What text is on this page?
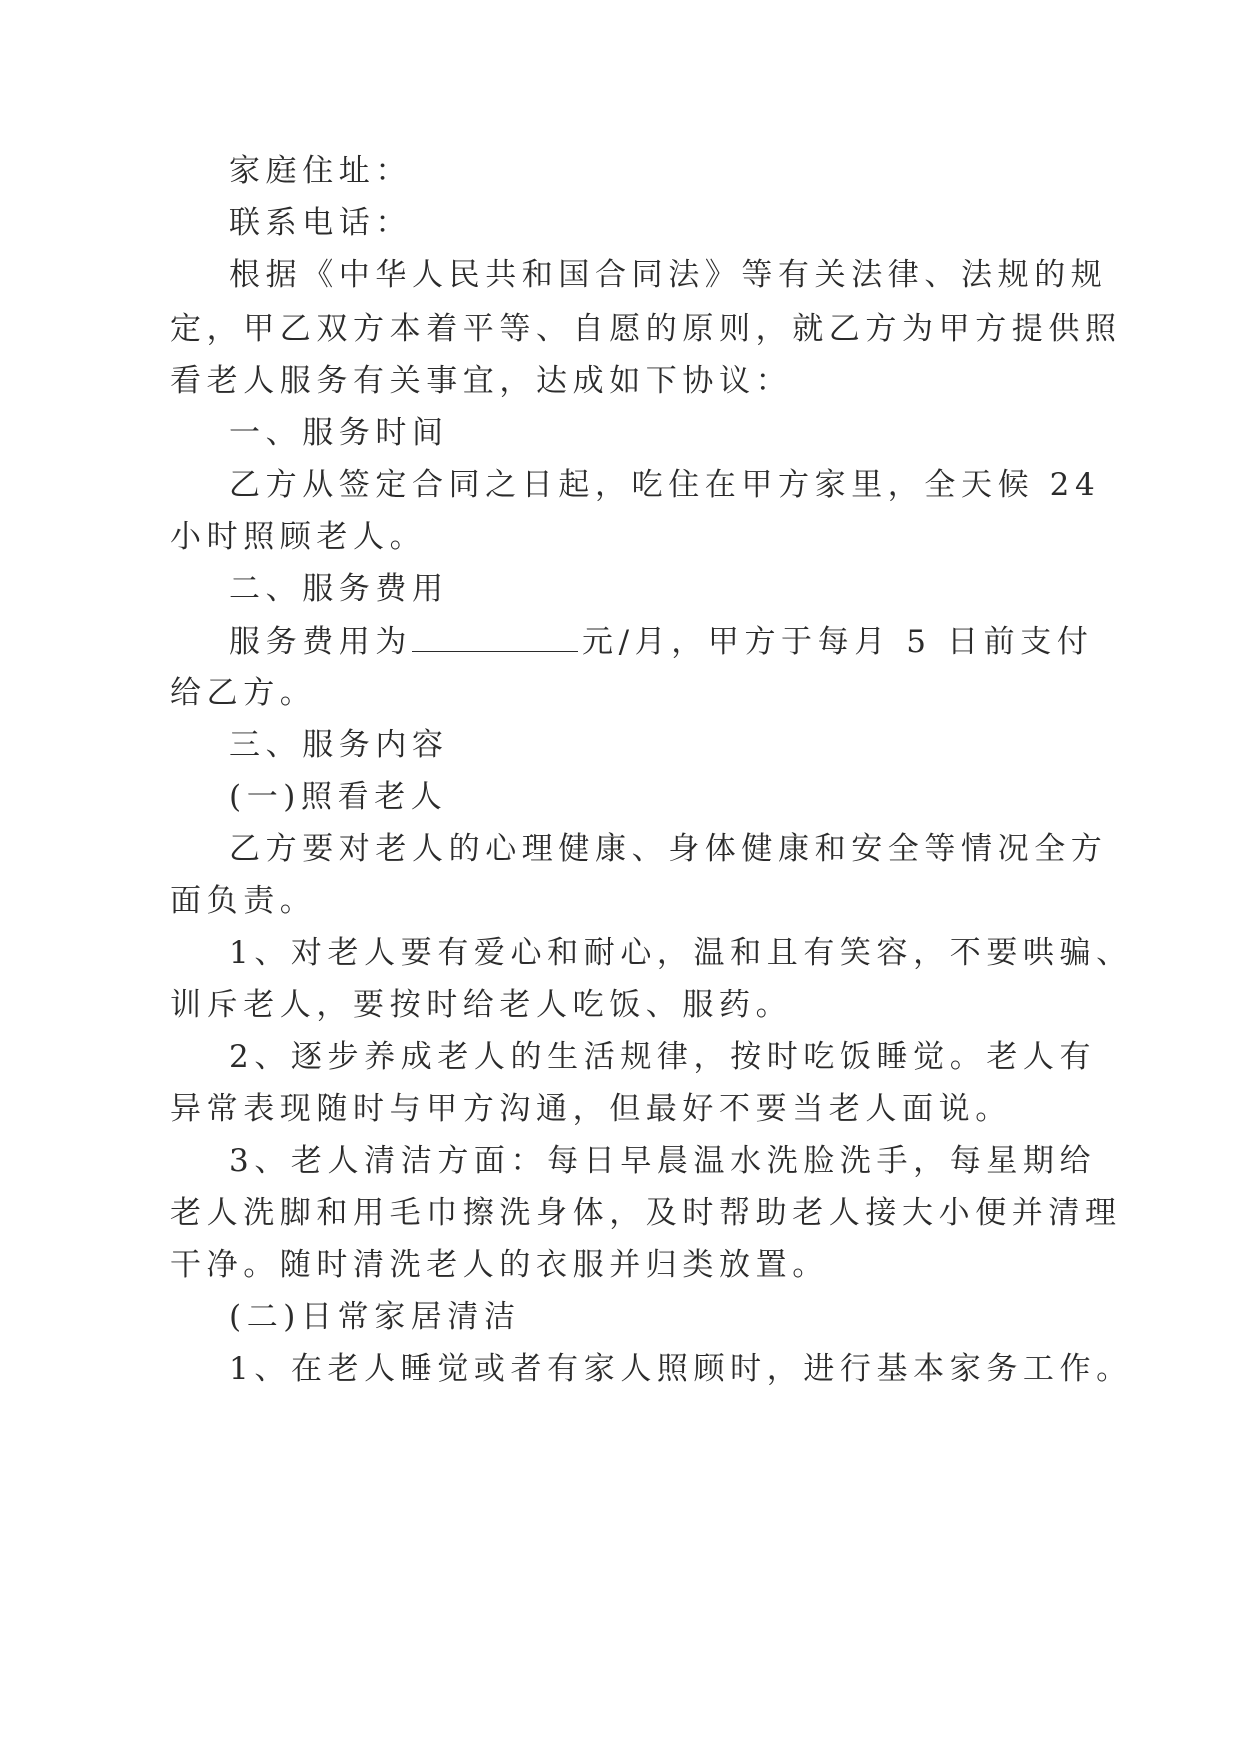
家庭住址：
联系电话：
根据《中华人民共和国合同法》等有关法律、法规的规
定，甲乙双方本着平等、自愿的原则，就乙方为甲方提供照
看老人服务有关事宜，达成如下协议：
一、服务时间
乙方从签定合同之日起，吃住在甲方家里，全天候 24
小时照顾老人。
二、服务费用
服务费用为	元/月，甲方于每月 5 日前支付
给乙方。
三、服务内容
(一)照看老人
乙方要对老人的心理健康、身体健康和安全等情况全方
面负责。
1、对老人要有爱心和耐心，温和且有笑容，不要哄骗、
训斥老人，要按时给老人吃饭、服药。
2、逐步养成老人的生活规律，按时吃饭睡觉。老人有
异常表现随时与甲方沟通，但最好不要当老人面说。
3、老人清洁方面：每日早晨温水洗脸洗手，每星期给
老人洗脚和用毛巾擦洗身体，及时帮助老人接大小便并清理
干净。随时清洗老人的衣服并归类放置。
(二)日常家居清洁
1、在老人睡觉或者有家人照顾时，进行基本家务工作。
